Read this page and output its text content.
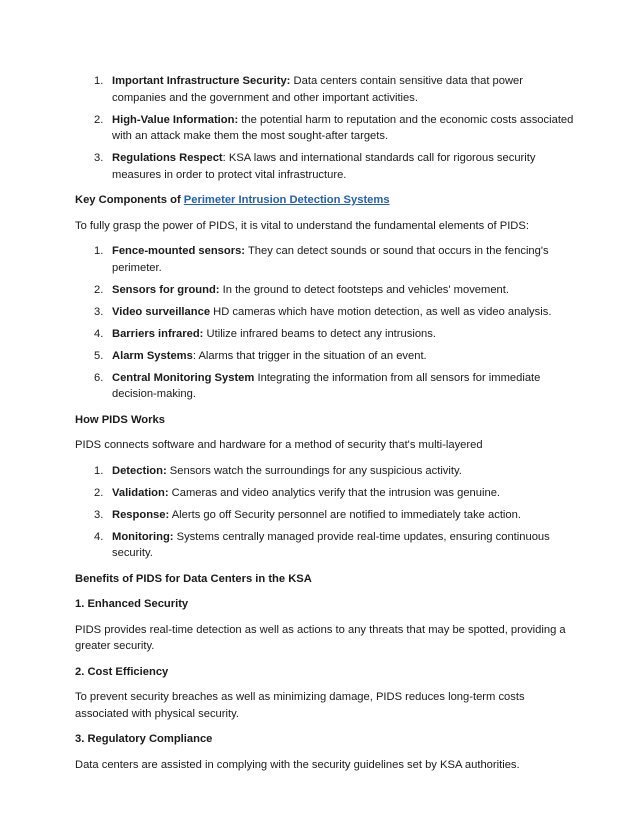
1. Important Infrastructure Security: Data centers contain sensitive data that power companies and the government and other important activities.
2. High-Value Information: the potential harm to reputation and the economic costs associated with an attack make them the most sought-after targets.
3. Regulations Respect: KSA laws and international standards call for rigorous security measures in order to protect vital infrastructure.
Key Components of Perimeter Intrusion Detection Systems
To fully grasp the power of PIDS, it is vital to understand the fundamental elements of PIDS:
1. Fence-mounted sensors: They can detect sounds or sound that occurs in the fencing's perimeter.
2. Sensors for ground: In the ground to detect footsteps and vehicles' movement.
3. Video surveillance HD cameras which have motion detection, as well as video analysis.
4. Barriers infrared: Utilize infrared beams to detect any intrusions.
5. Alarm Systems: Alarms that trigger in the situation of an event.
6. Central Monitoring System Integrating the information from all sensors for immediate decision-making.
How PIDS Works
PIDS connects software and hardware for a method of security that's multi-layered
1. Detection: Sensors watch the surroundings for any suspicious activity.
2. Validation: Cameras and video analytics verify that the intrusion was genuine.
3. Response: Alerts go off Security personnel are notified to immediately take action.
4. Monitoring: Systems centrally managed provide real-time updates, ensuring continuous security.
Benefits of PIDS for Data Centers in the KSA
1. Enhanced Security
PIDS provides real-time detection as well as actions to any threats that may be spotted, providing a greater security.
2. Cost Efficiency
To prevent security breaches as well as minimizing damage, PIDS reduces long-term costs associated with physical security.
3. Regulatory Compliance
Data centers are assisted in complying with the security guidelines set by KSA authorities.
